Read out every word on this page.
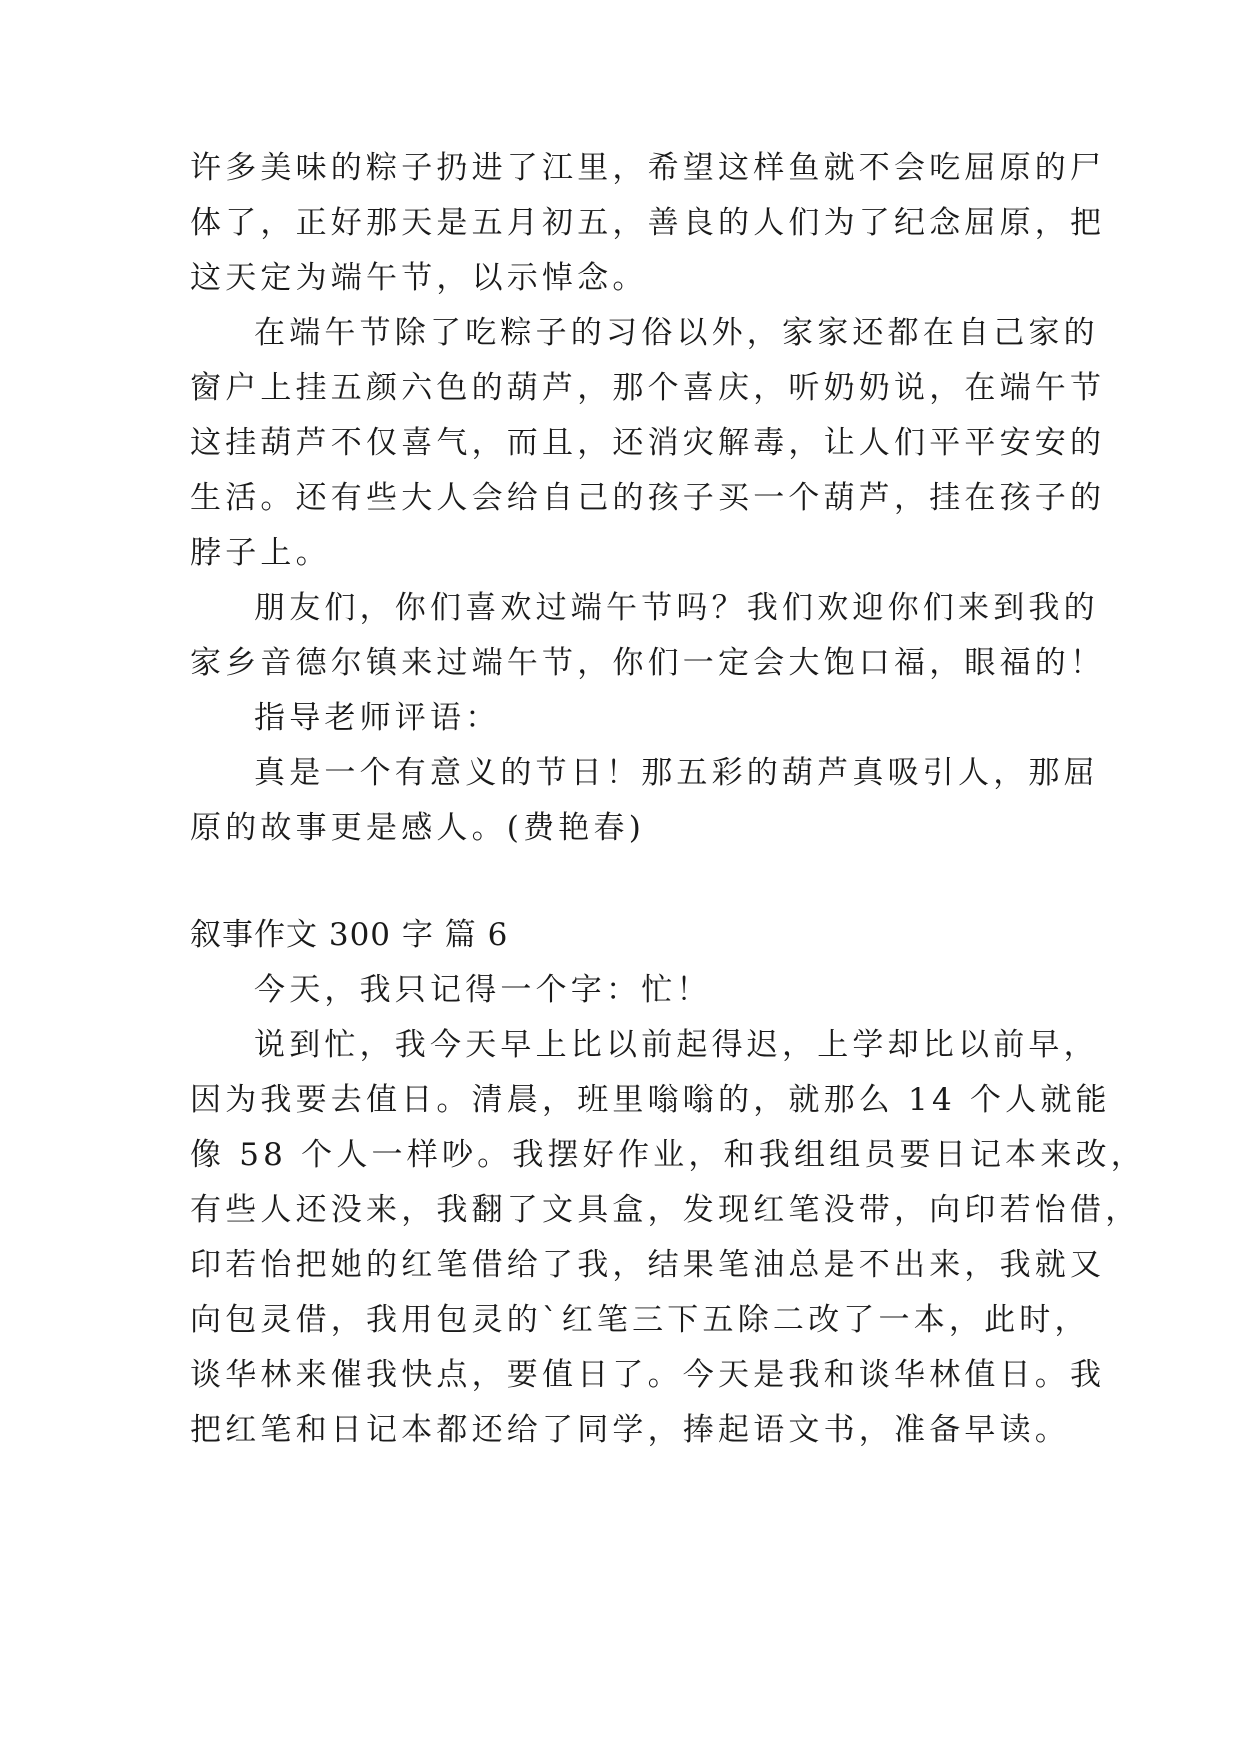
许多美味的粽子扔进了江里，希望这样鱼就不会吃屈原的尸
体了，正好那天是五月初五，善良的人们为了纪念屈原，把
这天定为端午节，以示悼念。
在端午节除了吃粽子的习俗以外，家家还都在自己家的
窗户上挂五颜六色的葫芦，那个喜庆，听奶奶说，在端午节
这挂葫芦不仅喜气，而且，还消灾解毒，让人们平平安安的
生活。还有些大人会给自己的孩子买一个葫芦，挂在孩子的
脖子上。
朋友们，你们喜欢过端午节吗？我们欢迎你们来到我的
家乡音德尔镇来过端午节，你们一定会大饱口福，眼福的！
指导老师评语：
真是一个有意义的节日！那五彩的葫芦真吸引人，那屈
原的故事更是感人。(费艳春)
叙事作文 300 字 篇 6
今天，我只记得一个字：忙！
说到忙，我今天早上比以前起得迟，上学却比以前早，
因为我要去值日。清晨，班里嗡嗡的，就那么 14 个人就能
像 58 个人一样吵。我摆好作业，和我组组员要日记本来改，
有些人还没来，我翻了文具盒，发现红笔没带，向印若怡借，
印若怡把她的红笔借给了我，结果笔油总是不出来，我就又
向包灵借，我用包灵的`红笔三下五除二改了一本，此时，
谈华林来催我快点，要值日了。今天是我和谈华林值日。我
把红笔和日记本都还给了同学，捧起语文书，准备早读。
